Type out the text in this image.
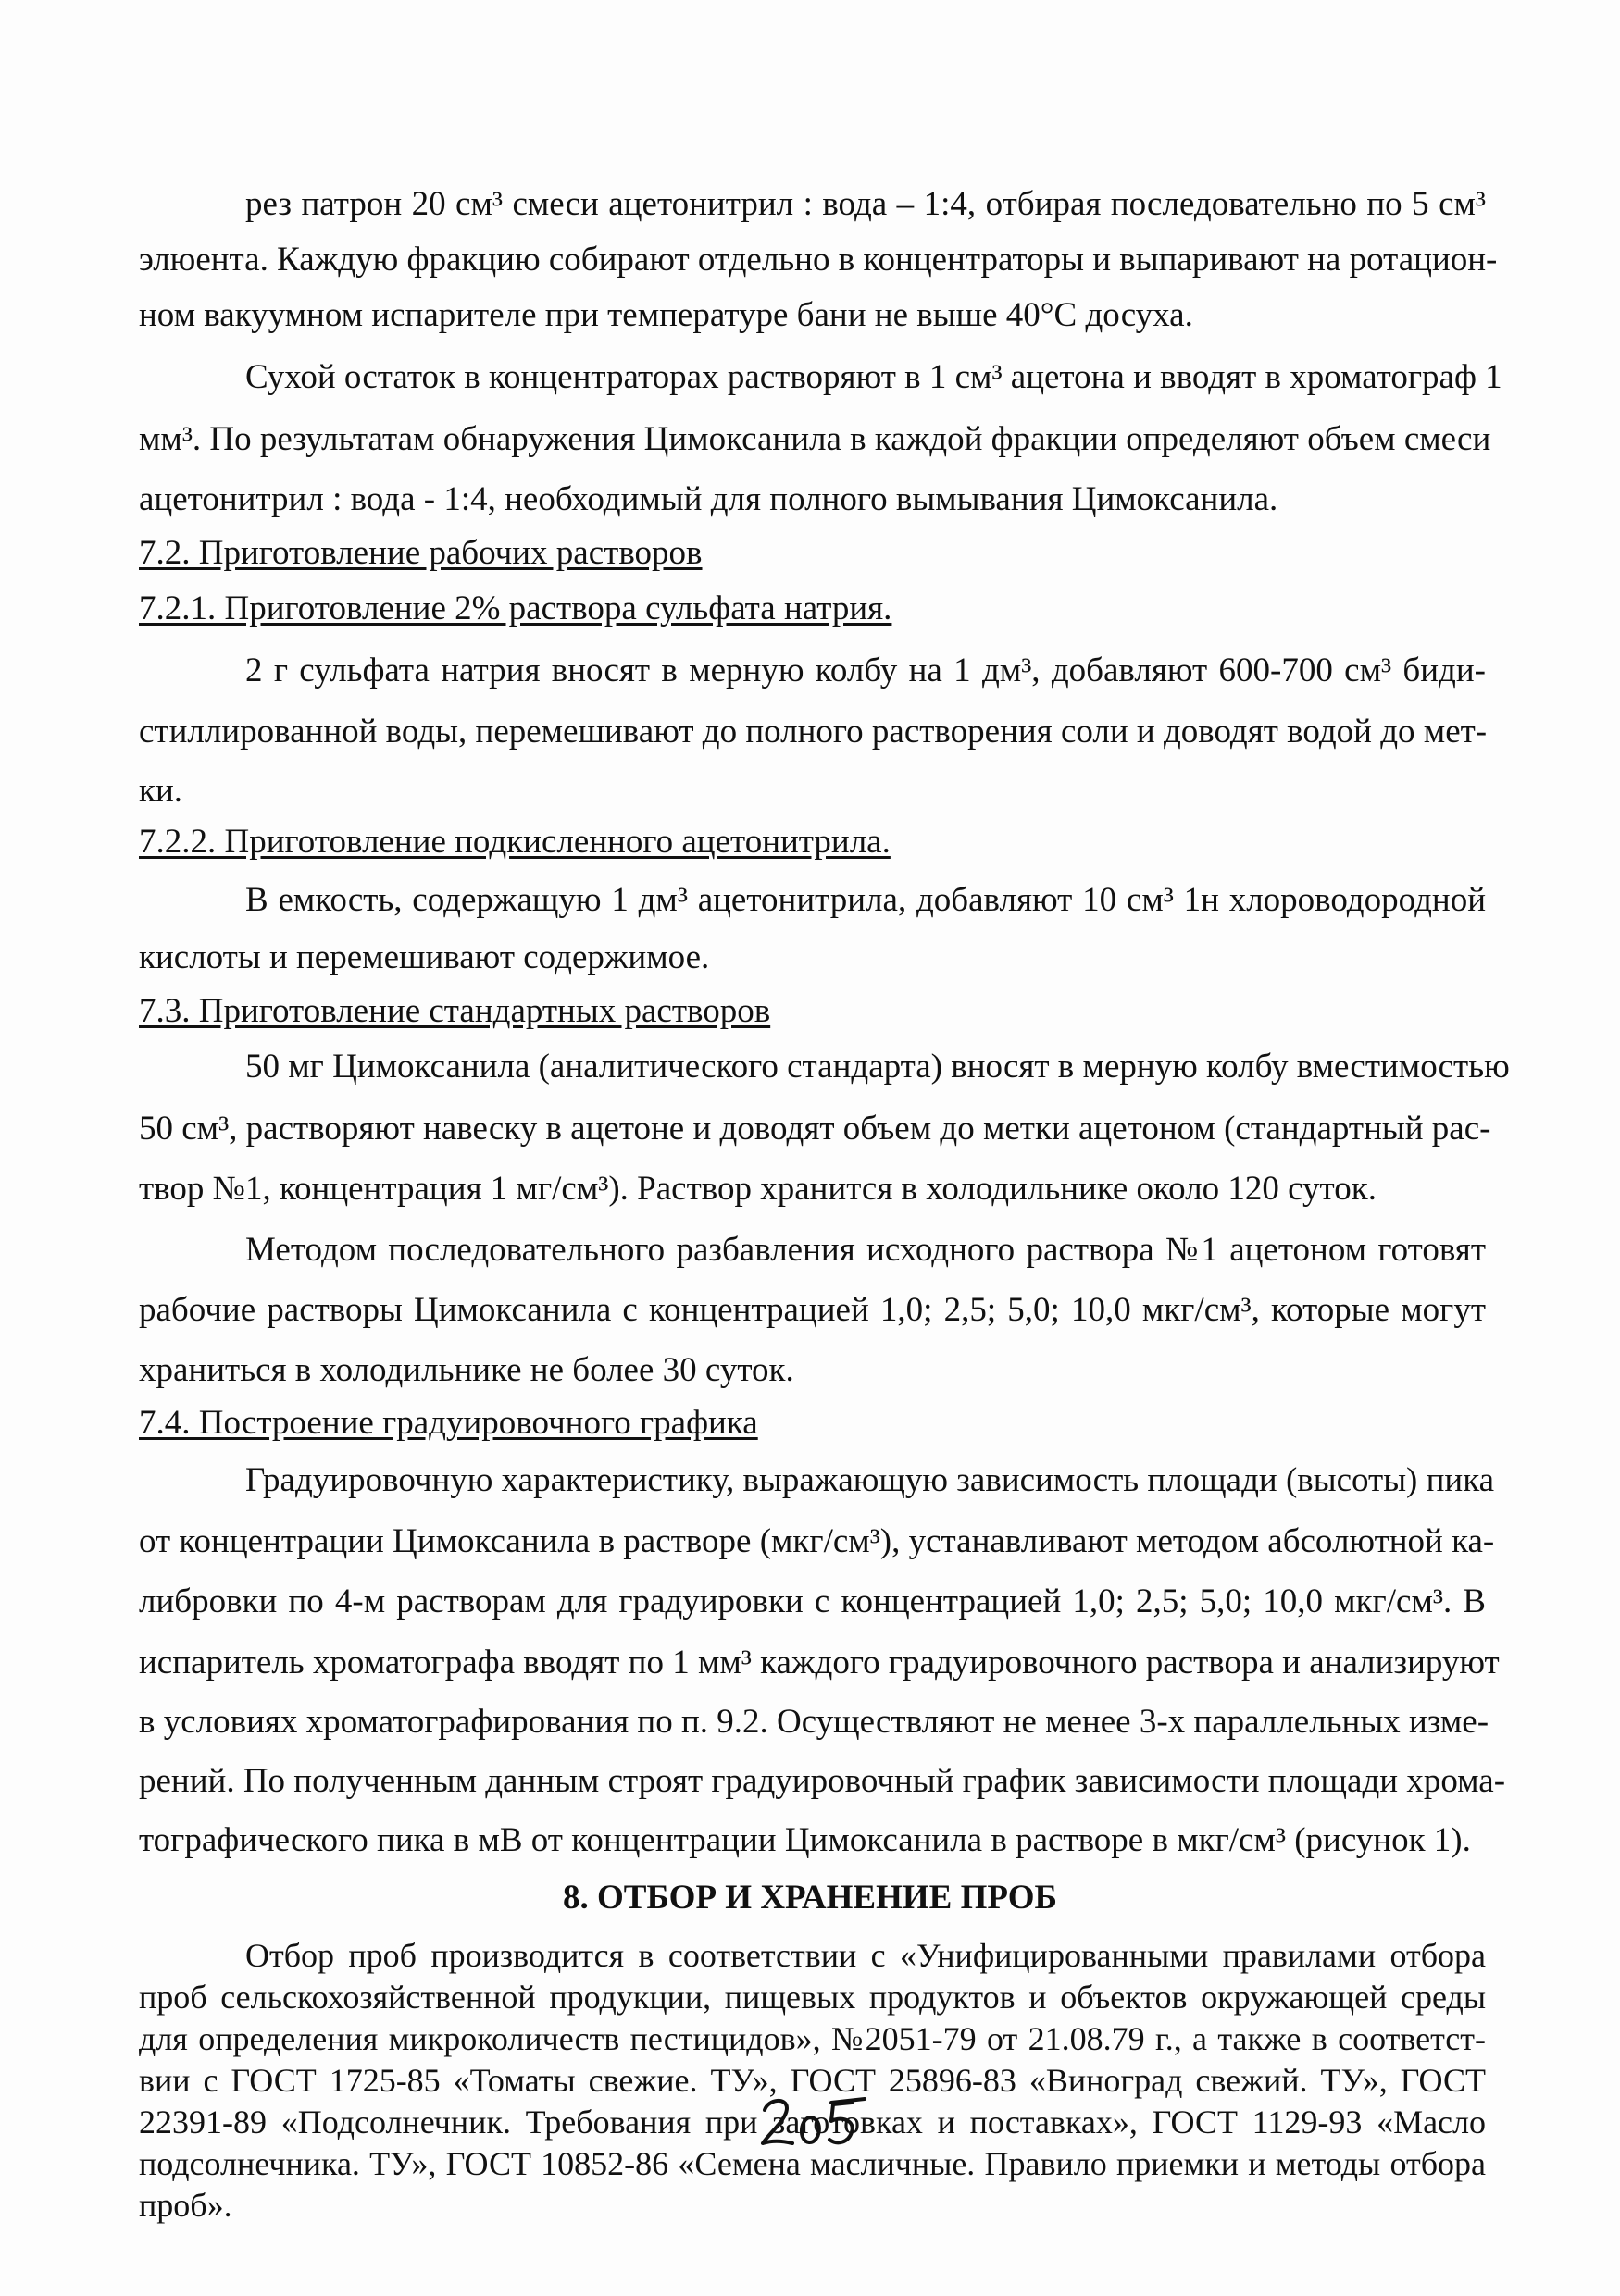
рез патрон 20 см³ смеси ацетонитрил : вода – 1:4, отбирая последовательно по 5 см³
элюента. Каждую фракцию собирают отдельно в концентраторы и выпаривают на ротацион-
ном вакуумном испарителе при температуре бани не выше 40°С досуха.
Сухой остаток в концентраторах растворяют в 1 см³ ацетона и вводят в хроматограф 1
мм³. По результатам обнаружения Цимоксанила в каждой фракции определяют объем смеси
ацетонитрил : вода - 1:4, необходимый для полного вымывания Цимоксанила.
7.2. Приготовление рабочих растворов
7.2.1. Приготовление 2% раствора сульфата натрия.
2 г сульфата натрия вносят в мерную колбу на 1 дм³, добавляют 600-700 см³ биди-
стиллированной воды, перемешивают до полного растворения соли и доводят водой до мет-
ки.
7.2.2. Приготовление подкисленного ацетонитрила.
В емкость, содержащую 1 дм³ ацетонитрила, добавляют 10 см³ 1н хлороводородной
кислоты и перемешивают содержимое.
7.3. Приготовление стандартных растворов
50 мг Цимоксанила (аналитического стандарта) вносят в мерную колбу вместимостью
50 см³, растворяют навеску в ацетоне и доводят объем до метки ацетоном (стандартный рас-
твор №1, концентрация 1 мг/см³). Раствор хранится в холодильнике около 120 суток.
Методом последовательного разбавления исходного раствора №1 ацетоном готовят
рабочие растворы Цимоксанила с концентрацией 1,0; 2,5; 5,0; 10,0 мкг/см³, которые могут
храниться в холодильнике не более 30 суток.
7.4. Построение градуировочного графика
Градуировочную характеристику, выражающую зависимость площади (высоты) пика
от концентрации Цимоксанила в растворе (мкг/см³), устанавливают методом абсолютной ка-
либровки по 4-м растворам для градуировки с концентрацией 1,0; 2,5; 5,0; 10,0 мкг/см³. В
испаритель хроматографа вводят по 1 мм³ каждого градуировочного раствора и анализируют
в условиях хроматографирования по п. 9.2. Осуществляют не менее 3-х параллельных изме-
рений. По полученным данным строят градуировочный график зависимости площади хрома-
тографического пика в мВ от концентрации Цимоксанила в растворе в мкг/см³ (рисунок 1).
8. ОТБОР И ХРАНЕНИЕ ПРОБ
Отбор проб производится в соответствии с «Унифицированными правилами отбора
проб сельскохозяйственной продукции, пищевых продуктов и объектов окружающей среды
для определения микроколичеств пестицидов», №2051-79 от 21.08.79 г., а также в соответст-
вии с ГОСТ 1725-85 «Томаты свежие. ТУ», ГОСТ 25896-83 «Виноград свежий. ТУ», ГОСТ
22391-89 «Подсолнечник. Требования при заготовках и поставках», ГОСТ 1129-93 «Масло
подсолнечника. ТУ», ГОСТ 10852-86 «Семена масличные. Правило приемки и методы отбора
проб».
